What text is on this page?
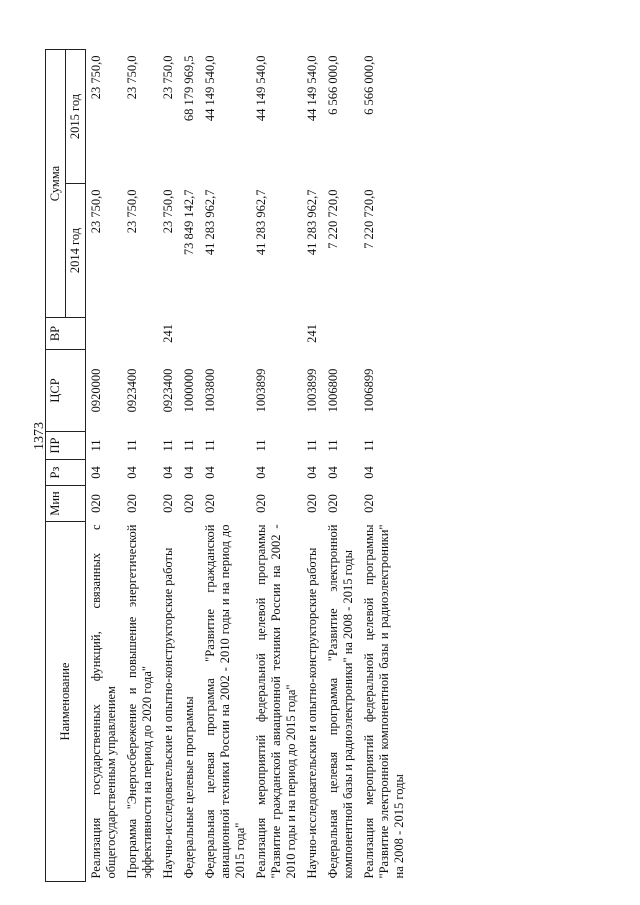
1373
Наименование	Мин	Рз	ПР	ЦСР	ВР	Сумма	
						2014 год	2015 год
Реализация государственных функций, связанных с общегосударственным управлением	020	04	11	0920000		23 750,0	23 750,0
Программа "Энергосбережение и повышение энергетической эффективности на период до 2020 года"	020	04	11	0923400		23 750,0	23 750,0
Научно-исследовательские и опытно-конструкторские работы	020	04	11	0923400	241	23 750,0	23 750,0
Федеральные целевые программы	020	04	11	1000000		73 849 142,7	68 179 969,5
Федеральная целевая программа "Развитие гражданской авиационной техники России на 2002 - 2010 годы и на период до 2015 года"	020	04	11	1003800		41 283 962,7	44 149 540,0
Реализация мероприятий федеральной целевой программы "Развитие гражданской авиационной техники России на 2002 - 2010 годы и на период до 2015 года"	020	04	11	1003899		41 283 962,7	44 149 540,0
Научно-исследовательские и опытно-конструкторские работы	020	04	11	1003899	241	41 283 962,7	44 149 540,0
Федеральная целевая программа "Развитие электронной компонентной базы и радиоэлектроники" на 2008 - 2015 годы	020	04	11	1006800		7 220 720,0	6 566 000,0
Реализация мероприятий федеральной целевой программы "Развитие электронной компонентной базы и радиоэлектроники" на 2008 - 2015 годы	020	04	11	1006899		7 220 720,0	6 566 000,0
